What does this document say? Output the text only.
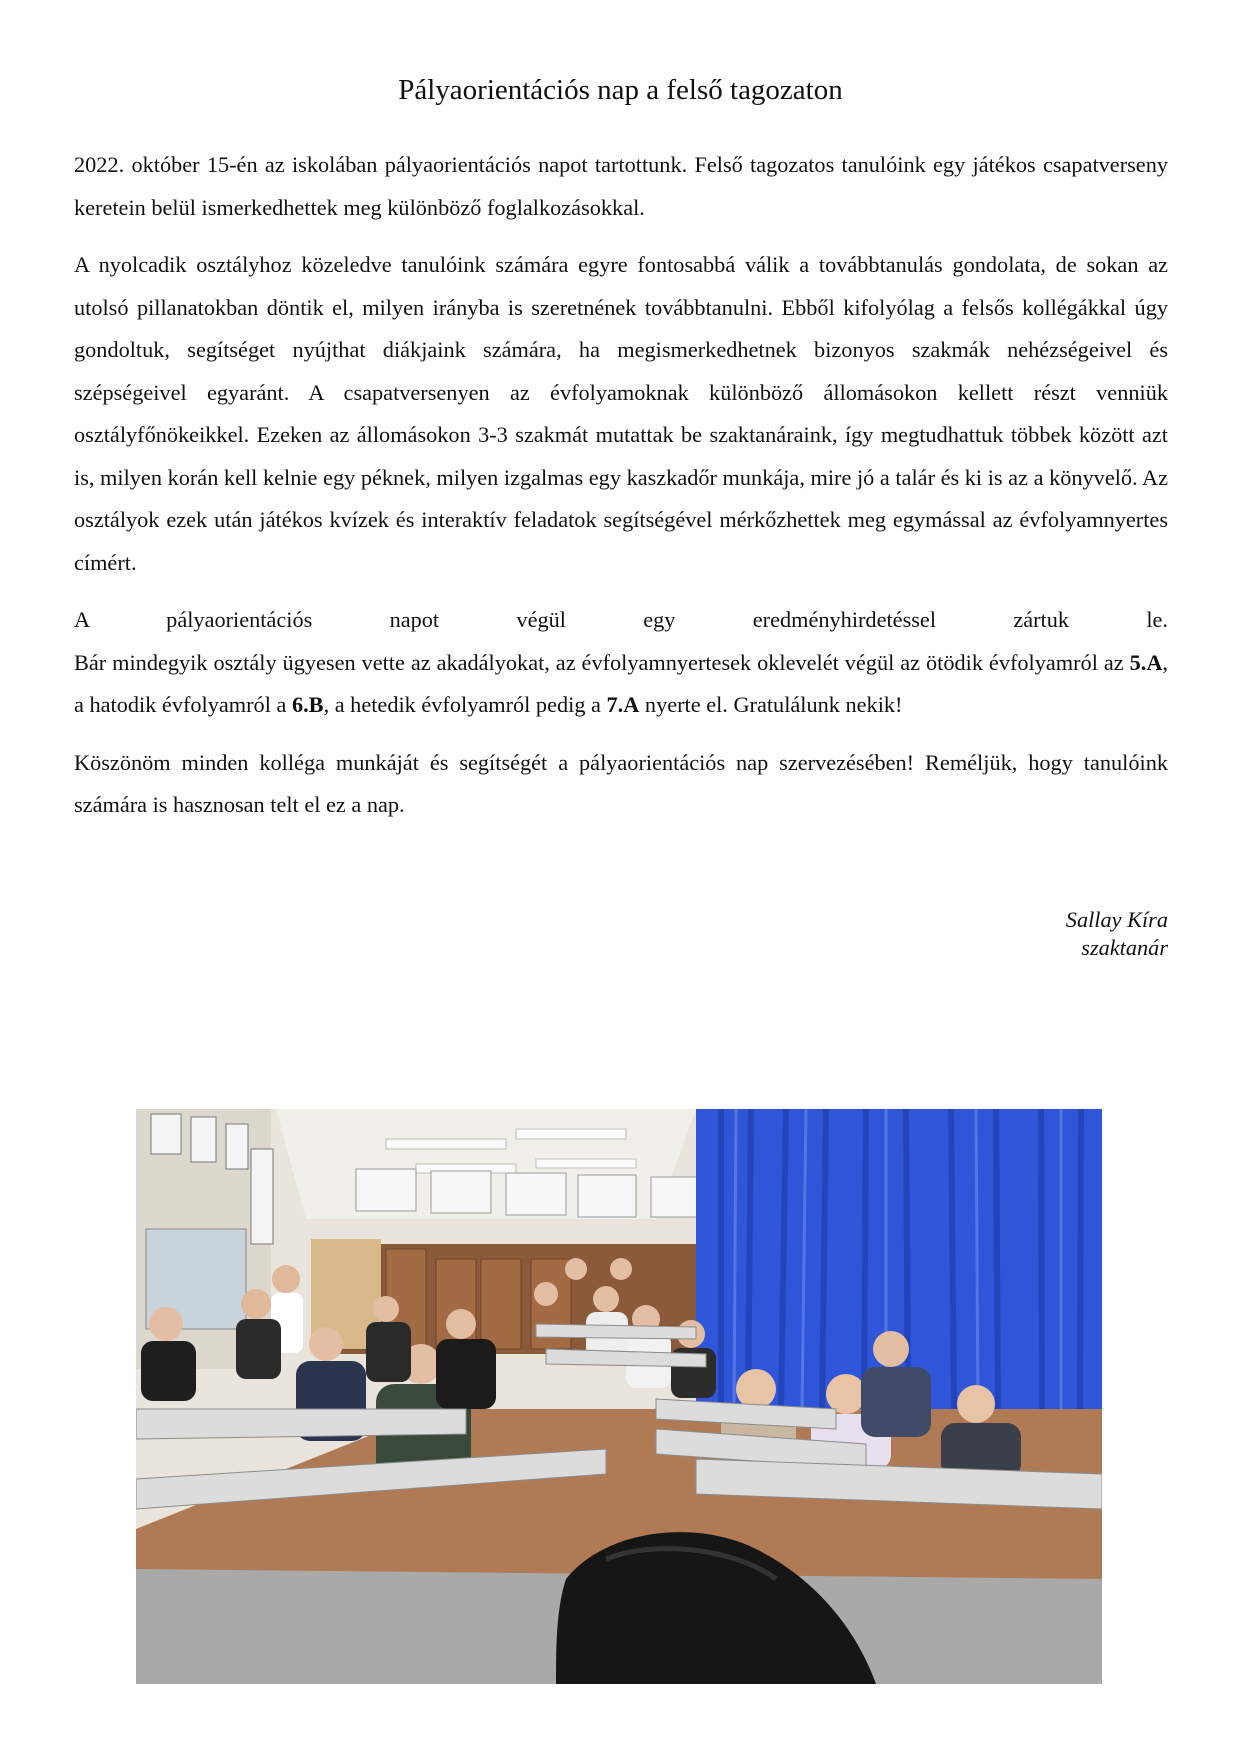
Pályaorientációs nap a felső tagozaton

2022. október 15-én az iskolában pályaorientációs napot tartottunk. Felső tagozatos tanulóink egy játékos csapatverseny keretein belül ismerkedhettek meg különböző foglalkozásokkal.

A nyolcadik osztályhoz közeledve tanulóink számára egyre fontosabbá válik a továbbtanulás gondolata, de sokan az utolsó pillanatokban döntik el, milyen irányba is szeretnének továbbtanulni. Ebből kifolyólag a felsős kollégákkal úgy gondoltuk, segítséget nyújthat diákjaink számára, ha megismerkedhetnek bizonyos szakmák nehézségeivel és szépségeivel egyaránt. A csapatversenyen az évfolyamoknak különböző állomásokon kellett részt venniük osztályfőnökeikkel. Ezeken az állomásokon 3-3 szakmát mutattak be szaktanáraink, így megtudhattuk többek között azt is, milyen korán kell kelnie egy péknek, milyen izgalmas egy kaszkadőr munkája, mire jó a talár és ki is az a könyvelő. Az osztályok ezek után játékos kvízek és interaktív feladatok segítségével mérkőzhettek meg egymással az évfolyamnyertes címért.

A pályaorientációs napot végül egy eredményhirdetéssel zártuk le.
Bár mindegyik osztály ügyesen vette az akadályokat, az évfolyamnyertesek oklevelét végül az ötödik évfolyamról az 5.A, a hatodik évfolyamról a 6.B, a hetedik évfolyamról pedig a 7.A nyerte el. Gratulálunk nekik!

Köszönöm minden kolléga munkáját és segítségét a pályaorientációs nap szervezésében! Reméljük, hogy tanulóink számára is hasznosan telt el ez a nap.

Sallay Kíra
szaktanár
